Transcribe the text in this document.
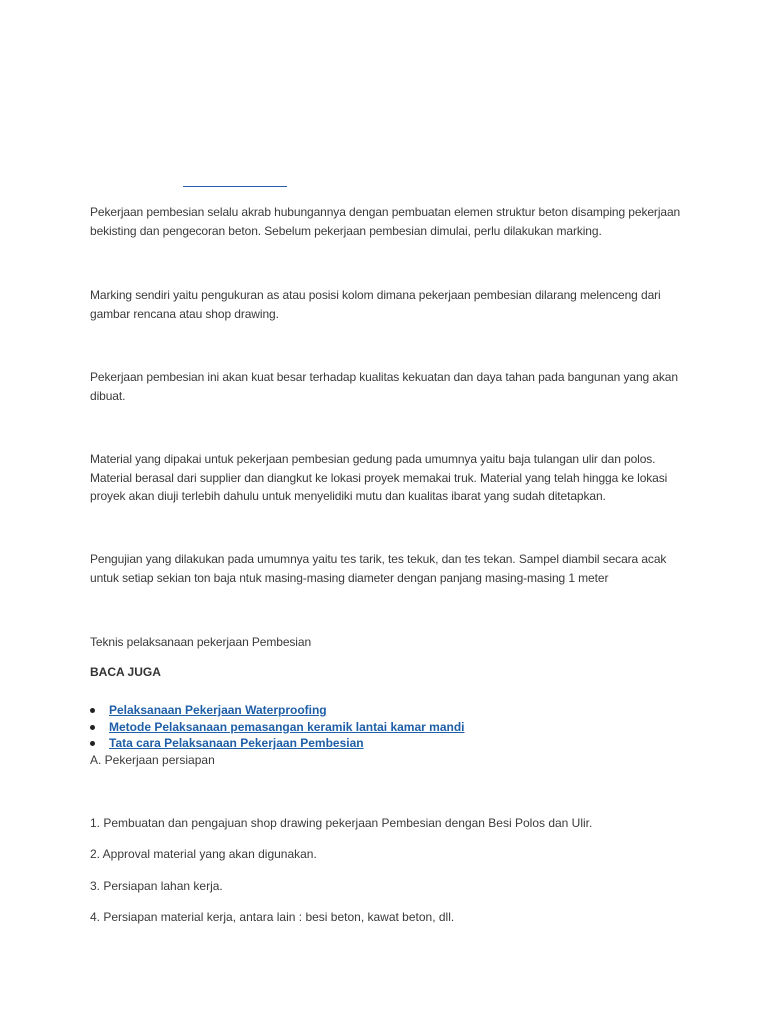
Pekerjaan pembesian selalu akrab hubungannya dengan pembuatan elemen struktur beton disamping pekerjaan bekisting dan pengecoran beton. Sebelum pekerjaan pembesian dimulai, perlu dilakukan marking.

Marking sendiri yaitu pengukuran as atau posisi kolom dimana pekerjaan pembesian dilarang melenceng dari gambar rencana atau shop drawing.

Pekerjaan pembesian ini akan kuat besar terhadap kualitas kekuatan dan daya tahan pada bangunan yang akan dibuat.

Material yang dipakai untuk pekerjaan pembesian gedung pada umumnya yaitu baja tulangan ulir dan polos. Material berasal dari supplier dan diangkut ke lokasi proyek memakai truk. Material yang telah hingga ke lokasi proyek akan diuji terlebih dahulu untuk menyelidiki mutu dan kualitas ibarat yang sudah ditetapkan.

Pengujian yang dilakukan pada umumnya yaitu tes tarik, tes tekuk, dan tes tekan. Sampel diambil secara acak untuk setiap sekian ton baja ntuk masing-masing diameter dengan panjang masing-masing 1 meter

Teknis pelaksanaan pekerjaan Pembesian

BACA JUGA

Pelaksanaan Pekerjaan Waterproofing
Metode Pelaksanaan pemasangan keramik lantai kamar mandi
Tata cara Pelaksanaan Pekerjaan Pembesian

A. Pekerjaan persiapan

1. Pembuatan dan pengajuan shop drawing pekerjaan Pembesian dengan Besi Polos dan Ulir.

2. Approval material yang akan digunakan.

3. Persiapan lahan kerja.

4. Persiapan material kerja, antara lain : besi beton, kawat beton, dll.
